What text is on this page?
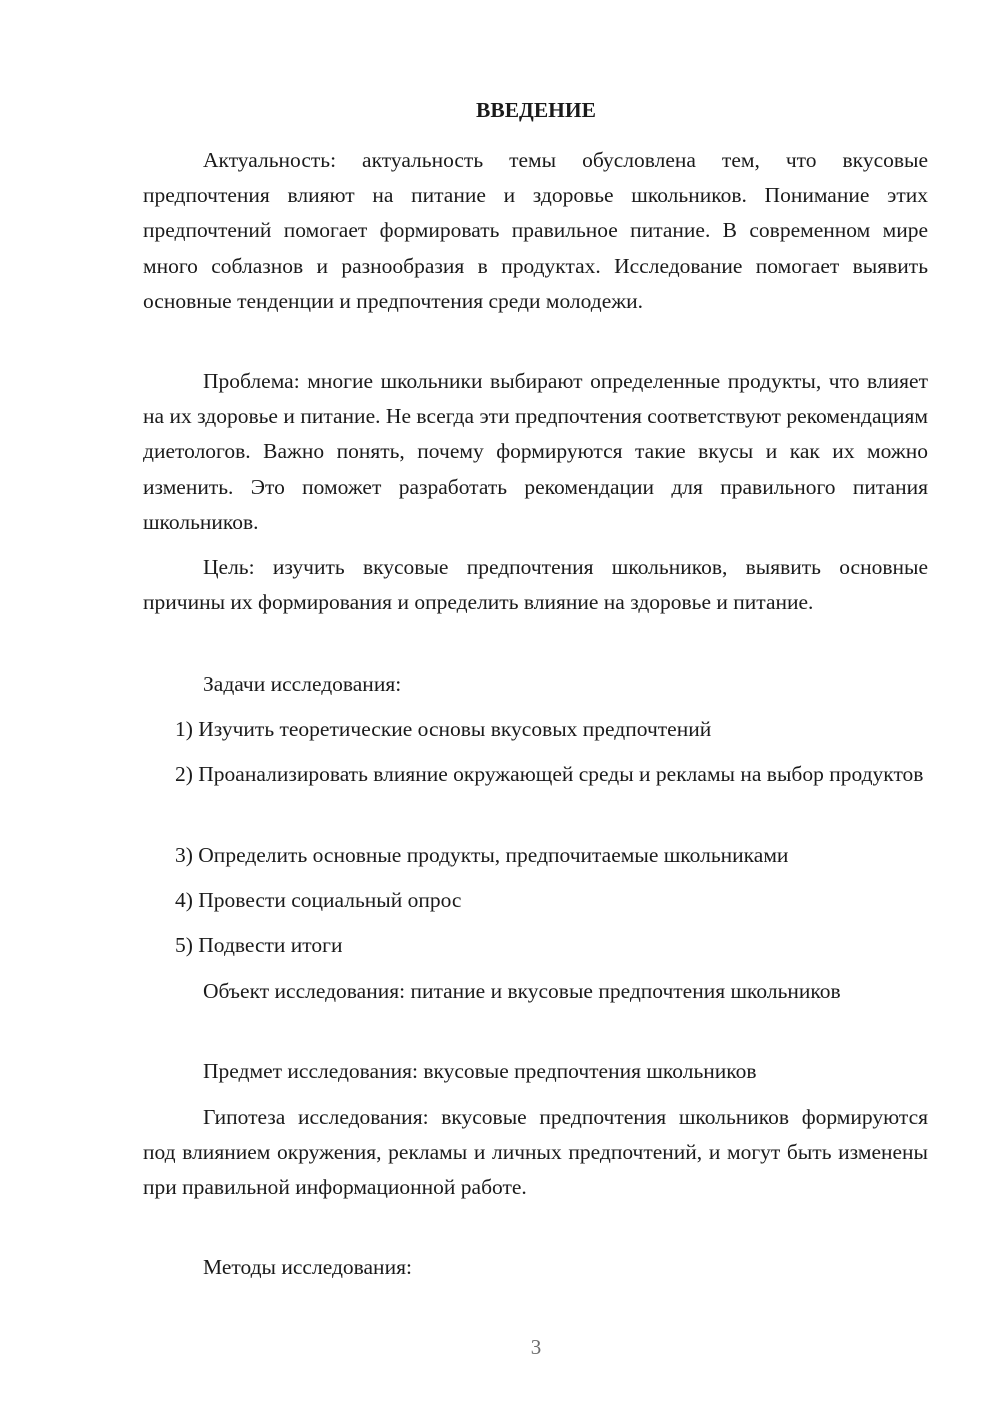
ВВЕДЕНИЕ

Актуальность: актуальность темы обусловлена тем, что вкусовые предпочтения влияют на питание и здоровье школьников. Понимание этих предпочтений помогает формировать правильное питание. В современном мире много соблазнов и разнообразия в продуктах. Исследование помогает выявить основные тенденции и предпочтения среди молодежи.

Проблема: многие школьники выбирают определенные продукты, что влияет на их здоровье и питание. Не всегда эти предпочтения соответствуют рекомендациям диетологов. Важно понять, почему формируются такие вкусы и как их можно изменить. Это поможет разработать рекомендации для правильного питания школьников.

Цель: изучить вкусовые предпочтения школьников, выявить основные причины их формирования и определить влияние на здоровье и питание.

Задачи исследования:

1) Изучить теоретические основы вкусовых предпочтений

2) Проанализировать влияние окружающей среды и рекламы на выбор продуктов

3) Определить основные продукты, предпочитаемые школьниками

4) Провести социальный опрос

5) Подвести итоги

Объект исследования: питание и вкусовые предпочтения школьников

Предмет исследования: вкусовые предпочтения школьников

Гипотеза исследования: вкусовые предпочтения школьников формируются под влиянием окружения, рекламы и личных предпочтений, и могут быть изменены при правильной информационной работе.

Методы исследования:

3
